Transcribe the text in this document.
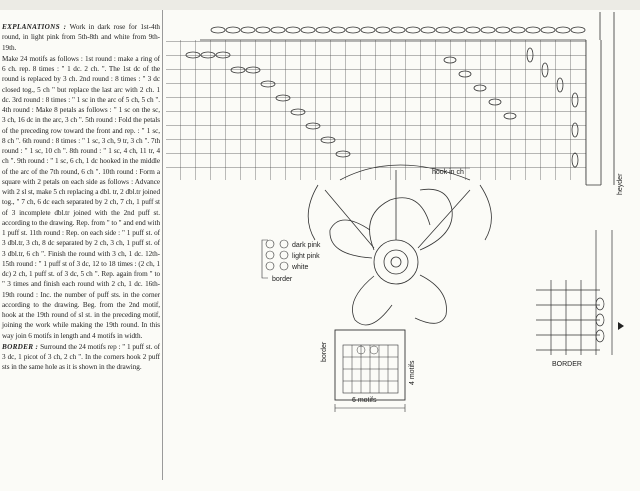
EXPLANATIONS : Work in dark rose for 1st-4th round, in light pink from 5th-8th and white from 9th-19th.

Make 24 motifs as follows : 1st round : make a ring of 6 ch. rep. 8 times : " 1 dc. 2 ch. ". The 1st dc of the round is replaced by 3 ch. 2nd round : 8 times : " 3 dc closed tog., 5 ch " but replace the last arc with 2 ch. 1 dc. 3rd round : 8 times : " 1 sc in the arc of 5 ch, 5 ch ". 4th round : Make 8 petals as follows : " 1 sc on the sc, 3 ch, 16 dc in the arc, 3 ch ". 5th round : Fold the petals of the preceding row toward the front and rep. : " 1 sc, 8 ch ". 6th round : 8 times : " 1 sc, 3 ch, 9 tr, 3 ch ". 7th round : " 1 sc, 10 ch ". 8th round : " 1 sc, 4 ch, 11 tr, 4 ch ". 9th round : " 1 sc, 6 ch, 1 dc hooked in the middle of the arc of the 7th round, 6 ch ". 10th round : Form a square with 2 petals on each side as follows : Advance with 2 sl st, make 5 ch replacing a dbl. tr, 2 dbl.tr joined tog., " 7 ch, 6 dc each separated by 2 ch, 7 ch, 1 puff st of 3 incomplete dbl.tr joined with the 2nd puff st. according to the drawing. Rep. from " to " and end with 1 puff st. 11th round : Rep. on each side : " 1 puff st. of 3 dbl.tr, 3 ch, 8 dc separated by 2 ch, 3 ch, 1 puff st. of 3 dbl.tr, 6 ch ". Finish the round with 3 ch, 1 dc. 12th-15th round : " 1 puff st of 3 dc, 12 to 18 times : (2 ch, 1 dc) 2 ch, 1 puff st. of 3 dc, 5 ch ". Rep. again from " to " 3 times and finish each round with 2 ch, 1 dc. 16th-19th round : Inc. the number of puff sts. in the corner according to the drawing. Beg. from the 2nd motif, hook at the 19th round of sl st. in the preceding motif, joining the work while making the 19th round. In this way join 6 motifs in length and 4 motifs in width.

BORDER : Surround the 24 motifs rep : " 1 puff st. of 3 dc, 1 picot of 3 ch, 2 ch ". In the corners hook 2 puff sts in the same hole as it is shown in the drawing.

hook in ch
dark pink
light pink
white
border
6 motifs
4 motifs
border
heyder
BORDER
